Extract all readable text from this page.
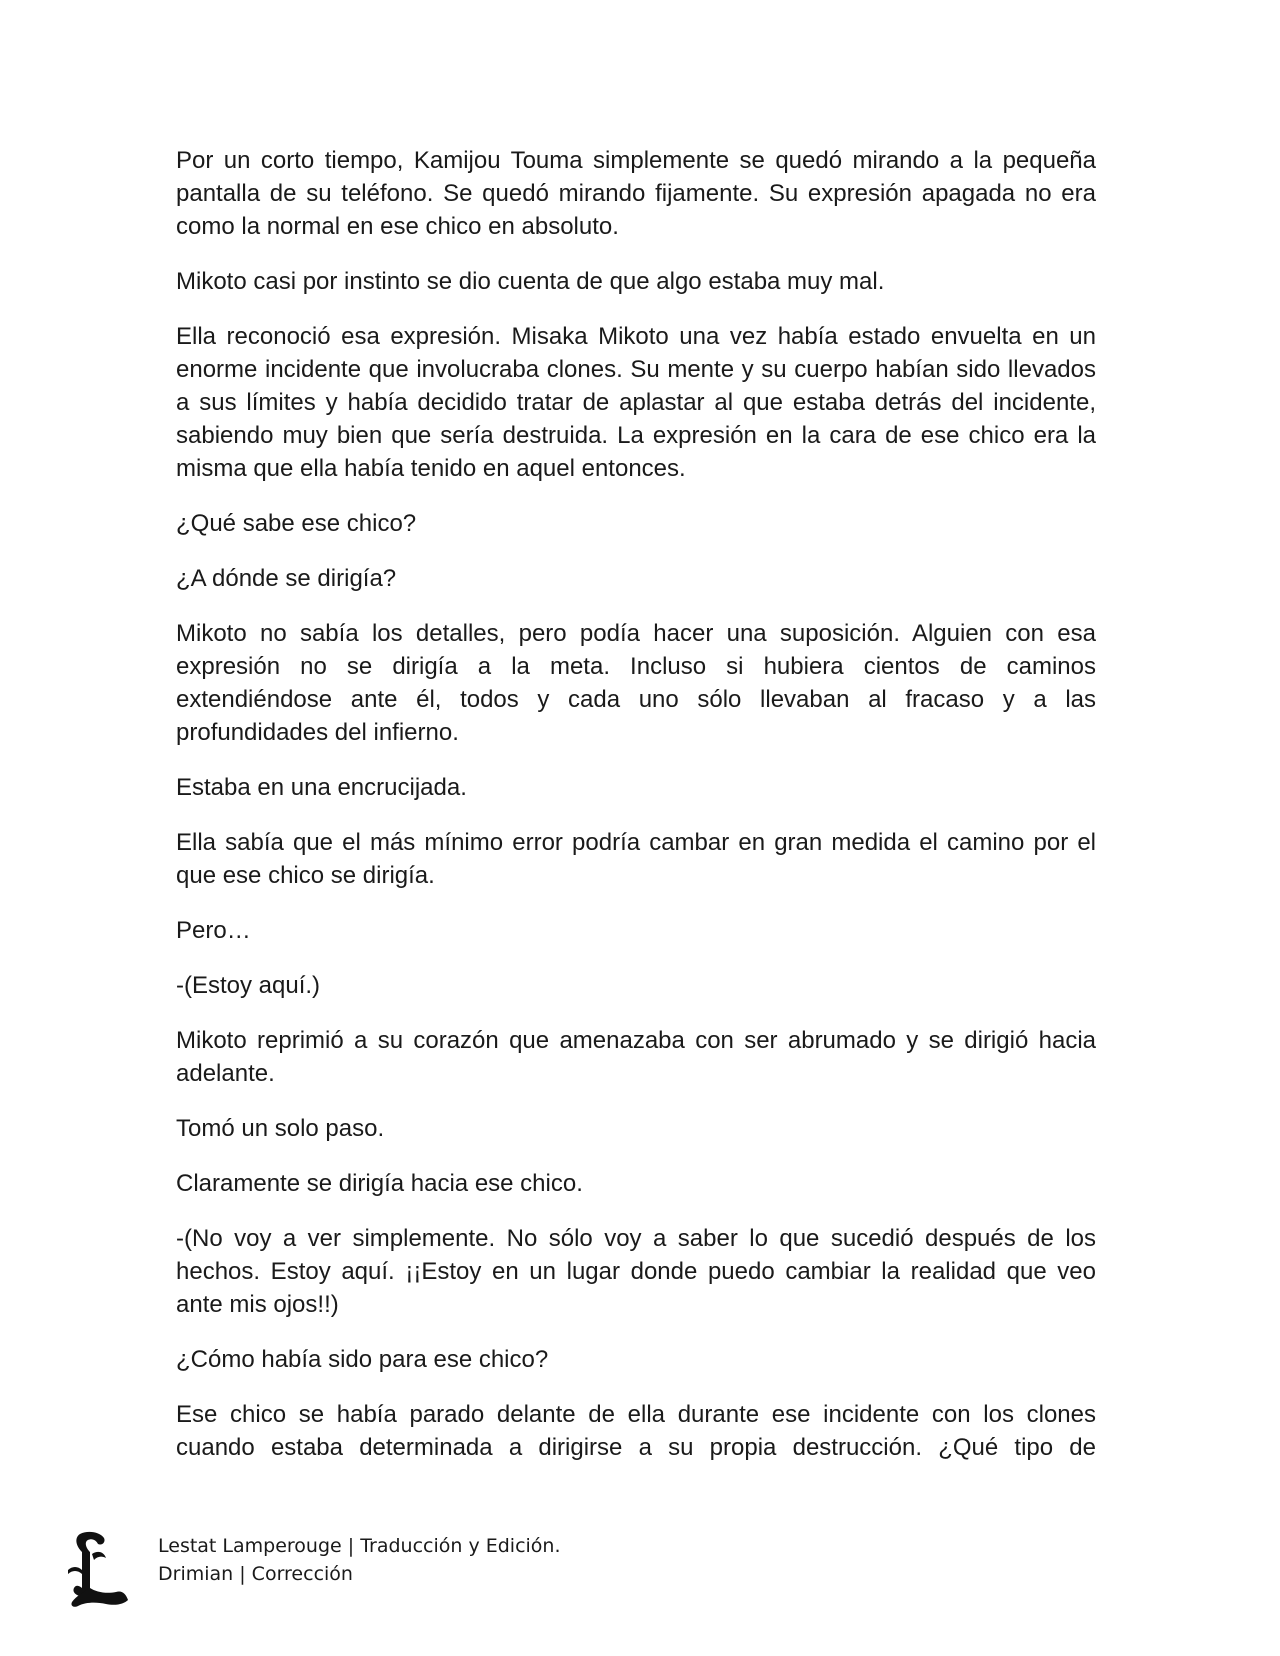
Por un corto tiempo, Kamijou Touma simplemente se quedó mirando a la pequeña pantalla de su teléfono. Se quedó mirando fijamente. Su expresión apagada no era como la normal en ese chico en absoluto.

Mikoto casi por instinto se dio cuenta de que algo estaba muy mal.

Ella reconoció esa expresión. Misaka Mikoto una vez había estado envuelta en un enorme incidente que involucraba clones. Su mente y su cuerpo habían sido llevados a sus límites y había decidido tratar de aplastar al que estaba detrás del incidente, sabiendo muy bien que sería destruida. La expresión en la cara de ese chico era la misma que ella había tenido en aquel entonces.

¿Qué sabe ese chico?

¿A dónde se dirigía?

Mikoto no sabía los detalles, pero podía hacer una suposición. Alguien con esa expresión no se dirigía a la meta. Incluso si hubiera cientos de caminos extendiéndose ante él, todos y cada uno sólo llevaban al fracaso y a las profundidades del infierno.

Estaba en una encrucijada.

Ella sabía que el más mínimo error podría cambar en gran medida el camino por el que ese chico se dirigía.

Pero…

-(Estoy aquí.)

Mikoto reprimió a su corazón que amenazaba con ser abrumado y se dirigió hacia adelante.

Tomó un solo paso.

Claramente se dirigía hacia ese chico.

-(No voy a ver simplemente. No sólo voy a saber lo que sucedió después de los hechos. Estoy aquí. ¡¡Estoy en un lugar donde puedo cambiar la realidad que veo ante mis ojos!!)

¿Cómo había sido para ese chico?

Ese chico se había parado delante de ella durante ese incidente con los clones cuando estaba determinada a dirigirse a su propia destrucción. ¿Qué tipo de

Lestat Lamperouge | Traducción y Edición.
Drimian | Corrección
